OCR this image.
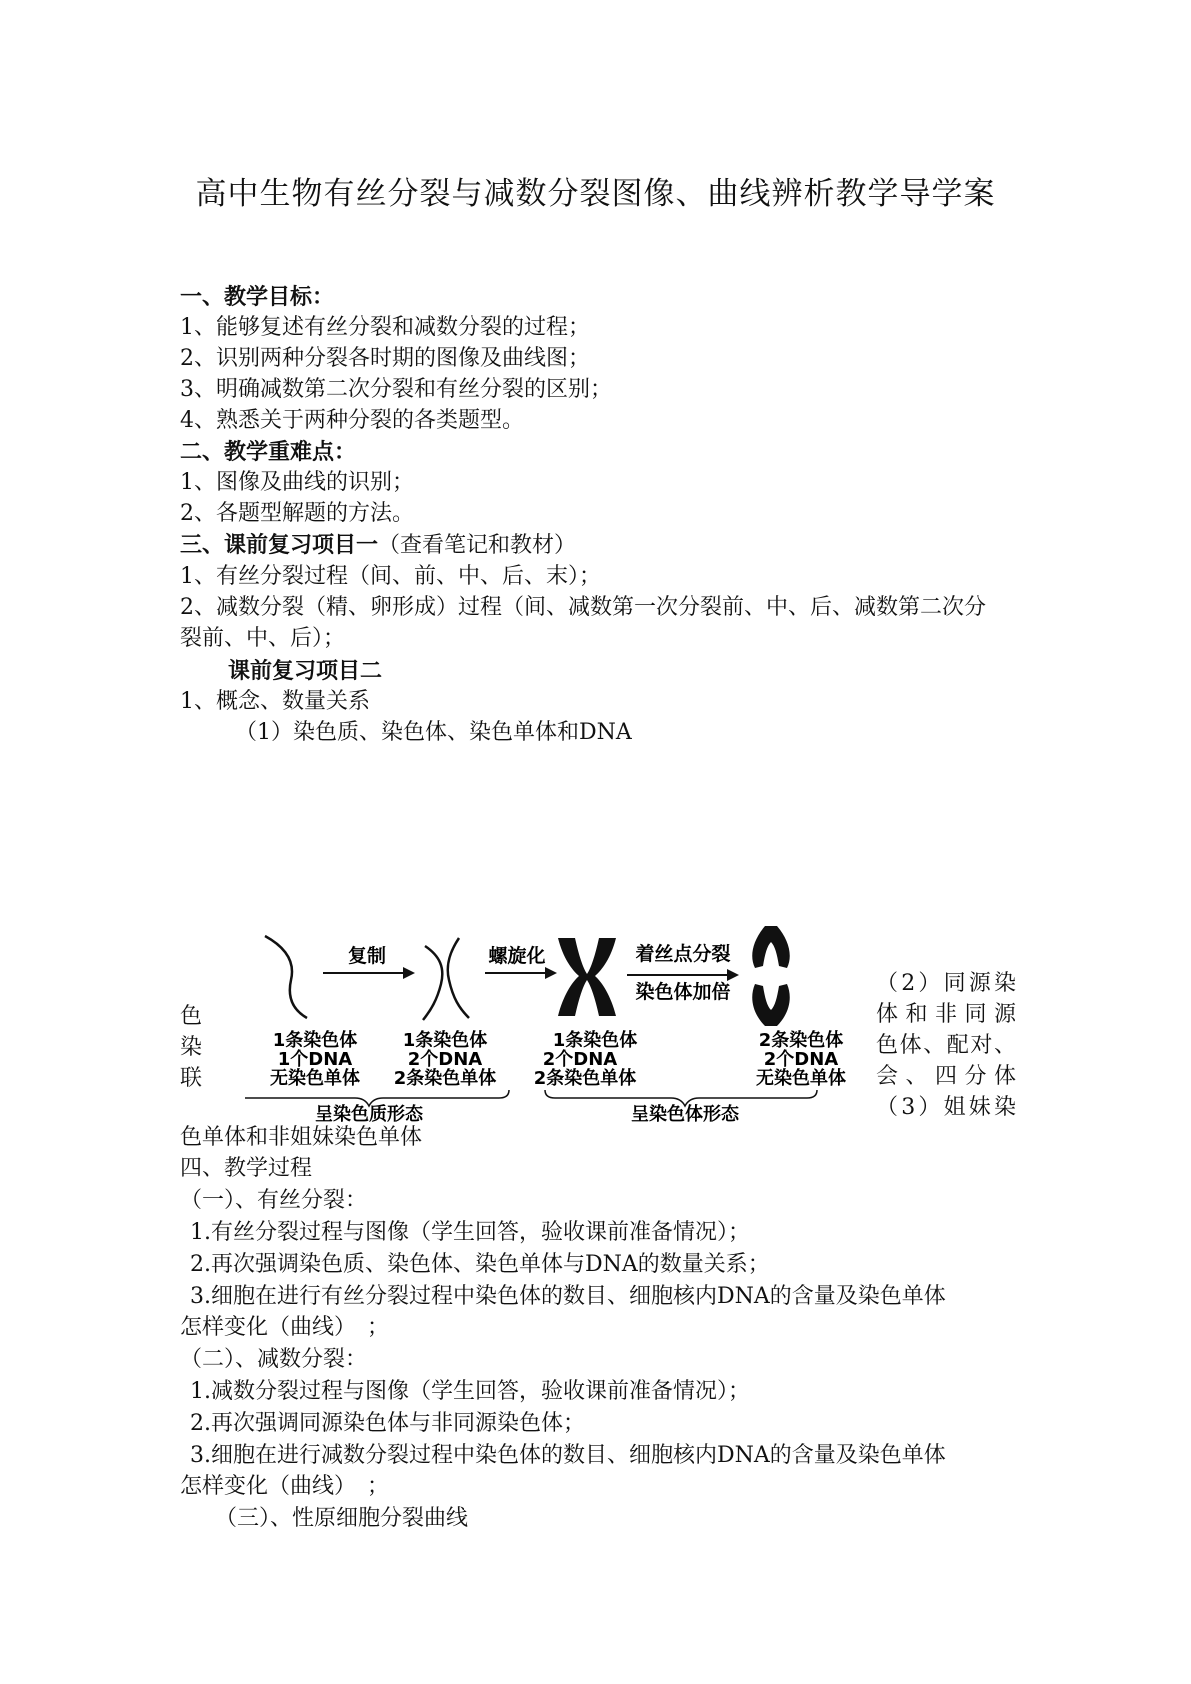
高中生物有丝分裂与减数分裂图像、曲线辨析教学导学案
一、教学目标：
1、能够复述有丝分裂和减数分裂的过程；
2、识别两种分裂各时期的图像及曲线图；
3、明确减数第二次分裂和有丝分裂的区别；
4、熟悉关于两种分裂的各类题型。
二、教学重难点：
1、图像及曲线的识别；
2、各题型解题的方法。
三、课前复习项目一（查看笔记和教材）
1、有丝分裂过程（间、前、中、后、末）；
2、减数分裂（精、卵形成）过程（间、减数第一次分裂前、中、后、减数第二次分
裂前、中、后）；
课前复习项目二
1、概念、数量关系
（1）染色质、染色体、染色单体和DNA
色
染
联
（2）同源染
体和非同源
色体、配对、
会、四分体
（3）姐妹染
复制	螺旋化	着丝点分裂
染色体加倍
1条染色体
1个DNA
无染色单体
1条染色体
2个DNA
2条染色单体
1条染色体
2个DNA
2条染色单体
2条染色体
2个DNA
无染色单体
呈染色质形态	呈染色体形态
色单体和非姐妹染色单体
四、教学过程
（一）、有丝分裂：
1.有丝分裂过程与图像（学生回答，验收课前准备情况）；
2.再次强调染色质、染色体、染色单体与DNA的数量关系；
3.细胞在进行有丝分裂过程中染色体的数目、细胞核内DNA的含量及染色单体
怎样变化（曲线）　；
（二）、减数分裂：
1.减数分裂过程与图像（学生回答，验收课前准备情况）；
2.再次强调同源染色体与非同源染色体；
3.细胞在进行减数分裂过程中染色体的数目、细胞核内DNA的含量及染色单体
怎样变化（曲线）　；
（三）、性原细胞分裂曲线
